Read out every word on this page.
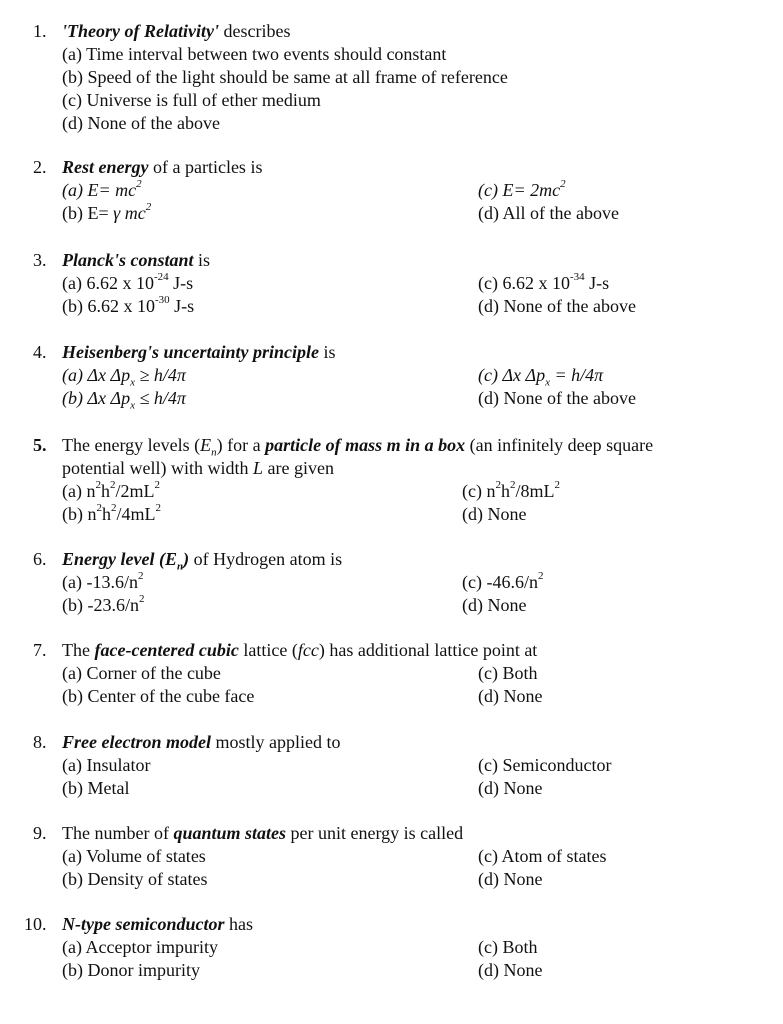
1. 'Theory of Relativity' describes
(a) Time interval between two events should constant
(b) Speed of the light should be same at all frame of reference
(c) Universe is full of ether medium
(d) None of the above
2. Rest energy of a particles is
(a) $E= mc^2$
(b) E= γ $mc^2$
(c) $E= 2mc^2$
(d) All of the above
3. Planck's constant is
(a) 6.62 x $10^{-24}$ J-s
(b) 6.62 x $10^{-30}$ J-s
(c) 6.62 x $10^{-34}$ J-s
(d) None of the above
4. Heisenberg's uncertainty principle is
(a) Δx $\Delta p_x \ge h/4\pi$
(b) Δx $\Delta p_x \le h/4\pi$
(c) Δx $\Delta p_x = h/4\pi$
(d) None of the above
5. The energy levels $(E_n)$ for a particle of mass m in a box (an infinitely deep square
potential well) with width L are given
(a) $n^2h^2/2mL^2$
(b) $n^2h^2/4mL^2$
(c) $n^2h^2/8mL^2$
(d) None
6. Energy level $(E_n)$ of Hydrogen atom is
(a) $-13.6/n^2$
(b) $-23.6/n^2$
(c) $-46.6/n^2$
(d) None
7. The face-centered cubic lattice (fcc) has additional lattice point at
(a) Corner of the cube
(b) Center of the cube face
(c) Both
(d) None
8. Free electron model mostly applied to
(a) Insulator
(b) Metal
(c) Semiconductor
(d) None
9. The number of quantum states per unit energy is called
(a) Volume of states
(b) Density of states
(c) Atom of states
(d) None
10. N-type semiconductor has
(a) Acceptor impurity
(b) Donor impurity
(c) Both
(d) None
